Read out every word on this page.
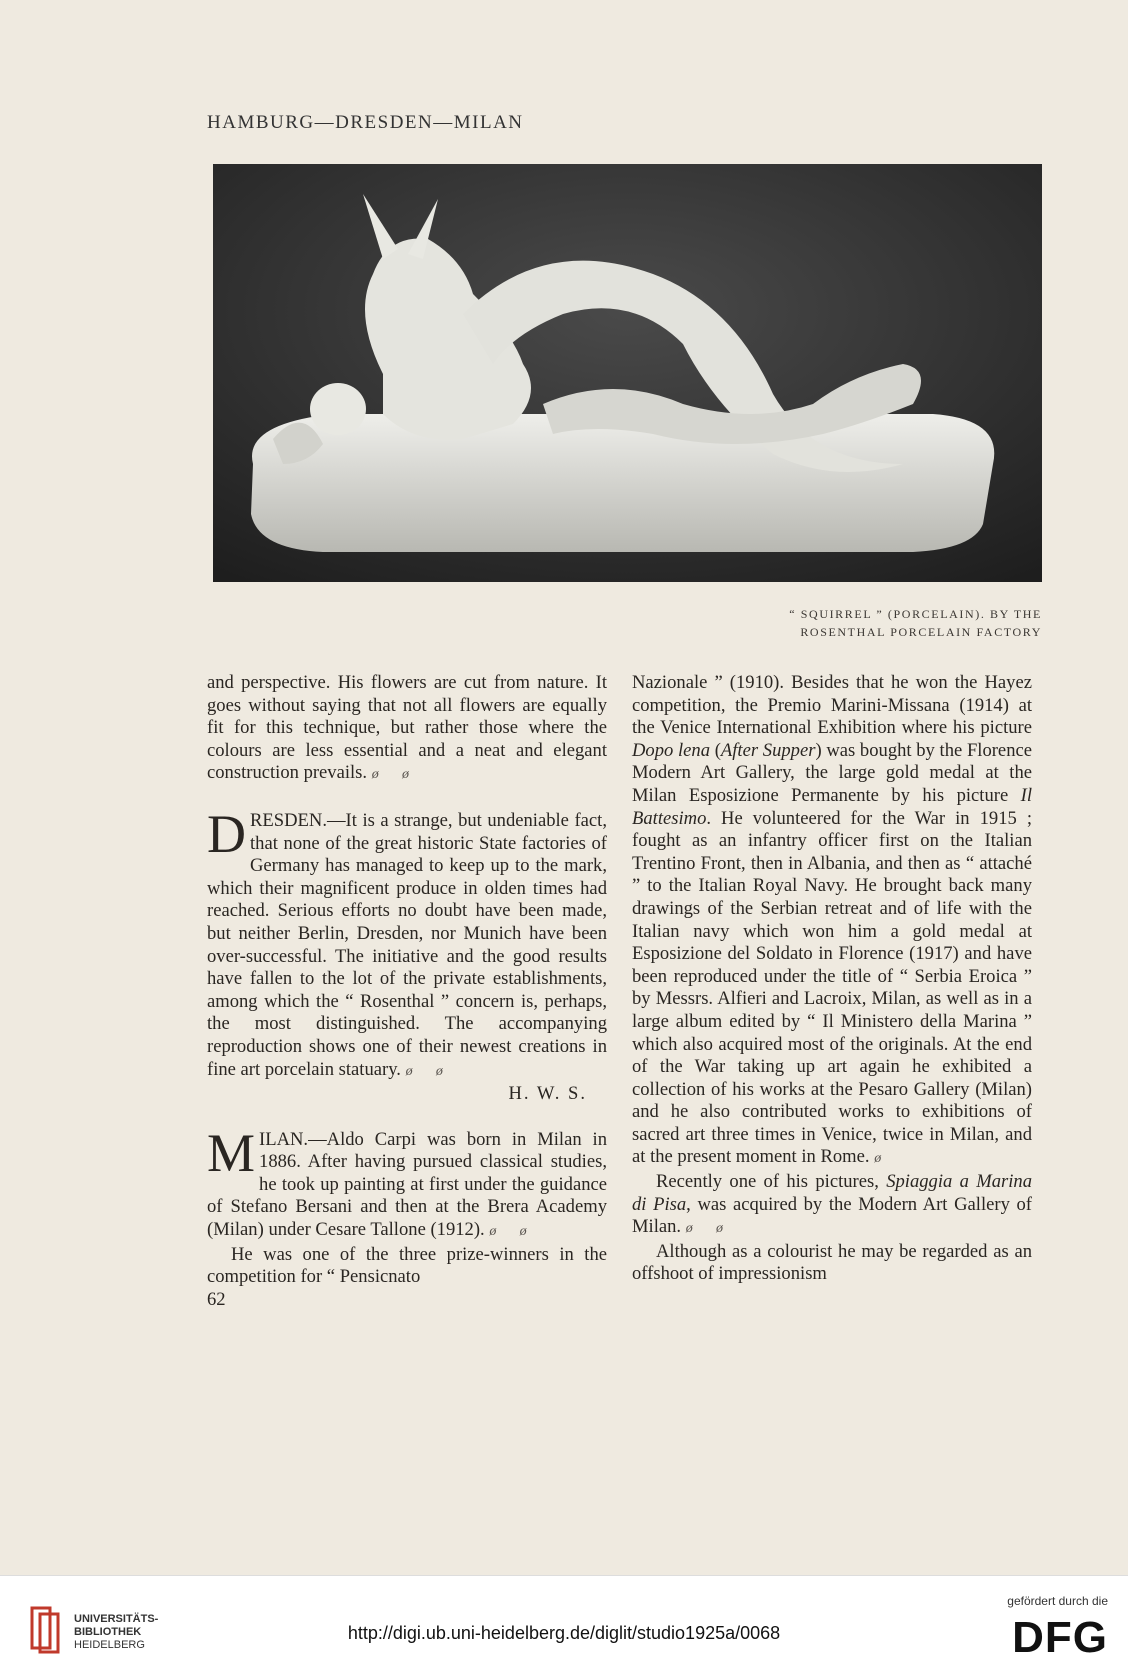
HAMBURG—DRESDEN—MILAN
“ SQUIRREL ” (PORCELAIN). BY THE
ROSENTHAL PORCELAIN FACTORY

and perspective. His flowers are cut from nature. It goes without saying that not all flowers are equally fit for this technique, but rather those where the colours are less essential and a neat and elegant construction prevails. ø ø

DRESDEN.—It is a strange, but undeniable fact, that none of the great historic State factories of Germany has managed to keep up to the mark, which their magnificent produce in olden times had reached. Serious efforts no doubt have been made, but neither Berlin, Dresden, nor Munich have been over-successful. The initiative and the good results have fallen to the lot of the private establishments, among which the “ Rosenthal ” concern is, perhaps, the most distinguished. The accompanying reproduction shows one of their newest creations in fine art porcelain statuary. ø ø

H. W. S.

MILAN.—Aldo Carpi was born in Milan in 1886. After having pursued classical studies, he took up painting at first under the guidance of Stefano Bersani and then at the Brera Academy (Milan) under Cesare Tallone (1912). ø ø

He was one of the three prize-winners in the competition for “ Pensicnato

62

Nazionale ” (1910). Besides that he won the Hayez competition, the Premio Marini-Missana (1914) at the Venice International Exhibition where his picture Dopo lena (After Supper) was bought by the Florence Modern Art Gallery, the large gold medal at the Milan Esposizione Permanente by his picture Il Battesimo. He volunteered for the War in 1915 ; fought as an infantry officer first on the Italian Trentino Front, then in Albania, and then as “ attaché ” to the Italian Royal Navy. He brought back many drawings of the Serbian retreat and of life with the Italian navy which won him a gold medal at Esposizione del Soldato in Florence (1917) and have been reproduced under the title of “ Serbia Eroica ” by Messrs. Alfieri and Lacroix, Milan, as well as in a large album edited by “ Il Ministero della Marina ” which also acquired most of the originals. At the end of the War taking up art again he exhibited a collection of his works at the Pesaro Gallery (Milan) and he also contributed works to exhibitions of sacred art three times in Venice, twice in Milan, and at the present moment in Rome. ø

Recently one of his pictures, Spiaggia a Marina di Pisa, was acquired by the Modern Art Gallery of Milan. ø ø

Although as a colourist he may be regarded as an offshoot of impressionism

UNIVERSITÄTS-
BIBLIOTHEK
HEIDELBERG
http://digi.ub.uni-heidelberg.de/diglit/studio1925a/0068
gefördert durch die
DFG
